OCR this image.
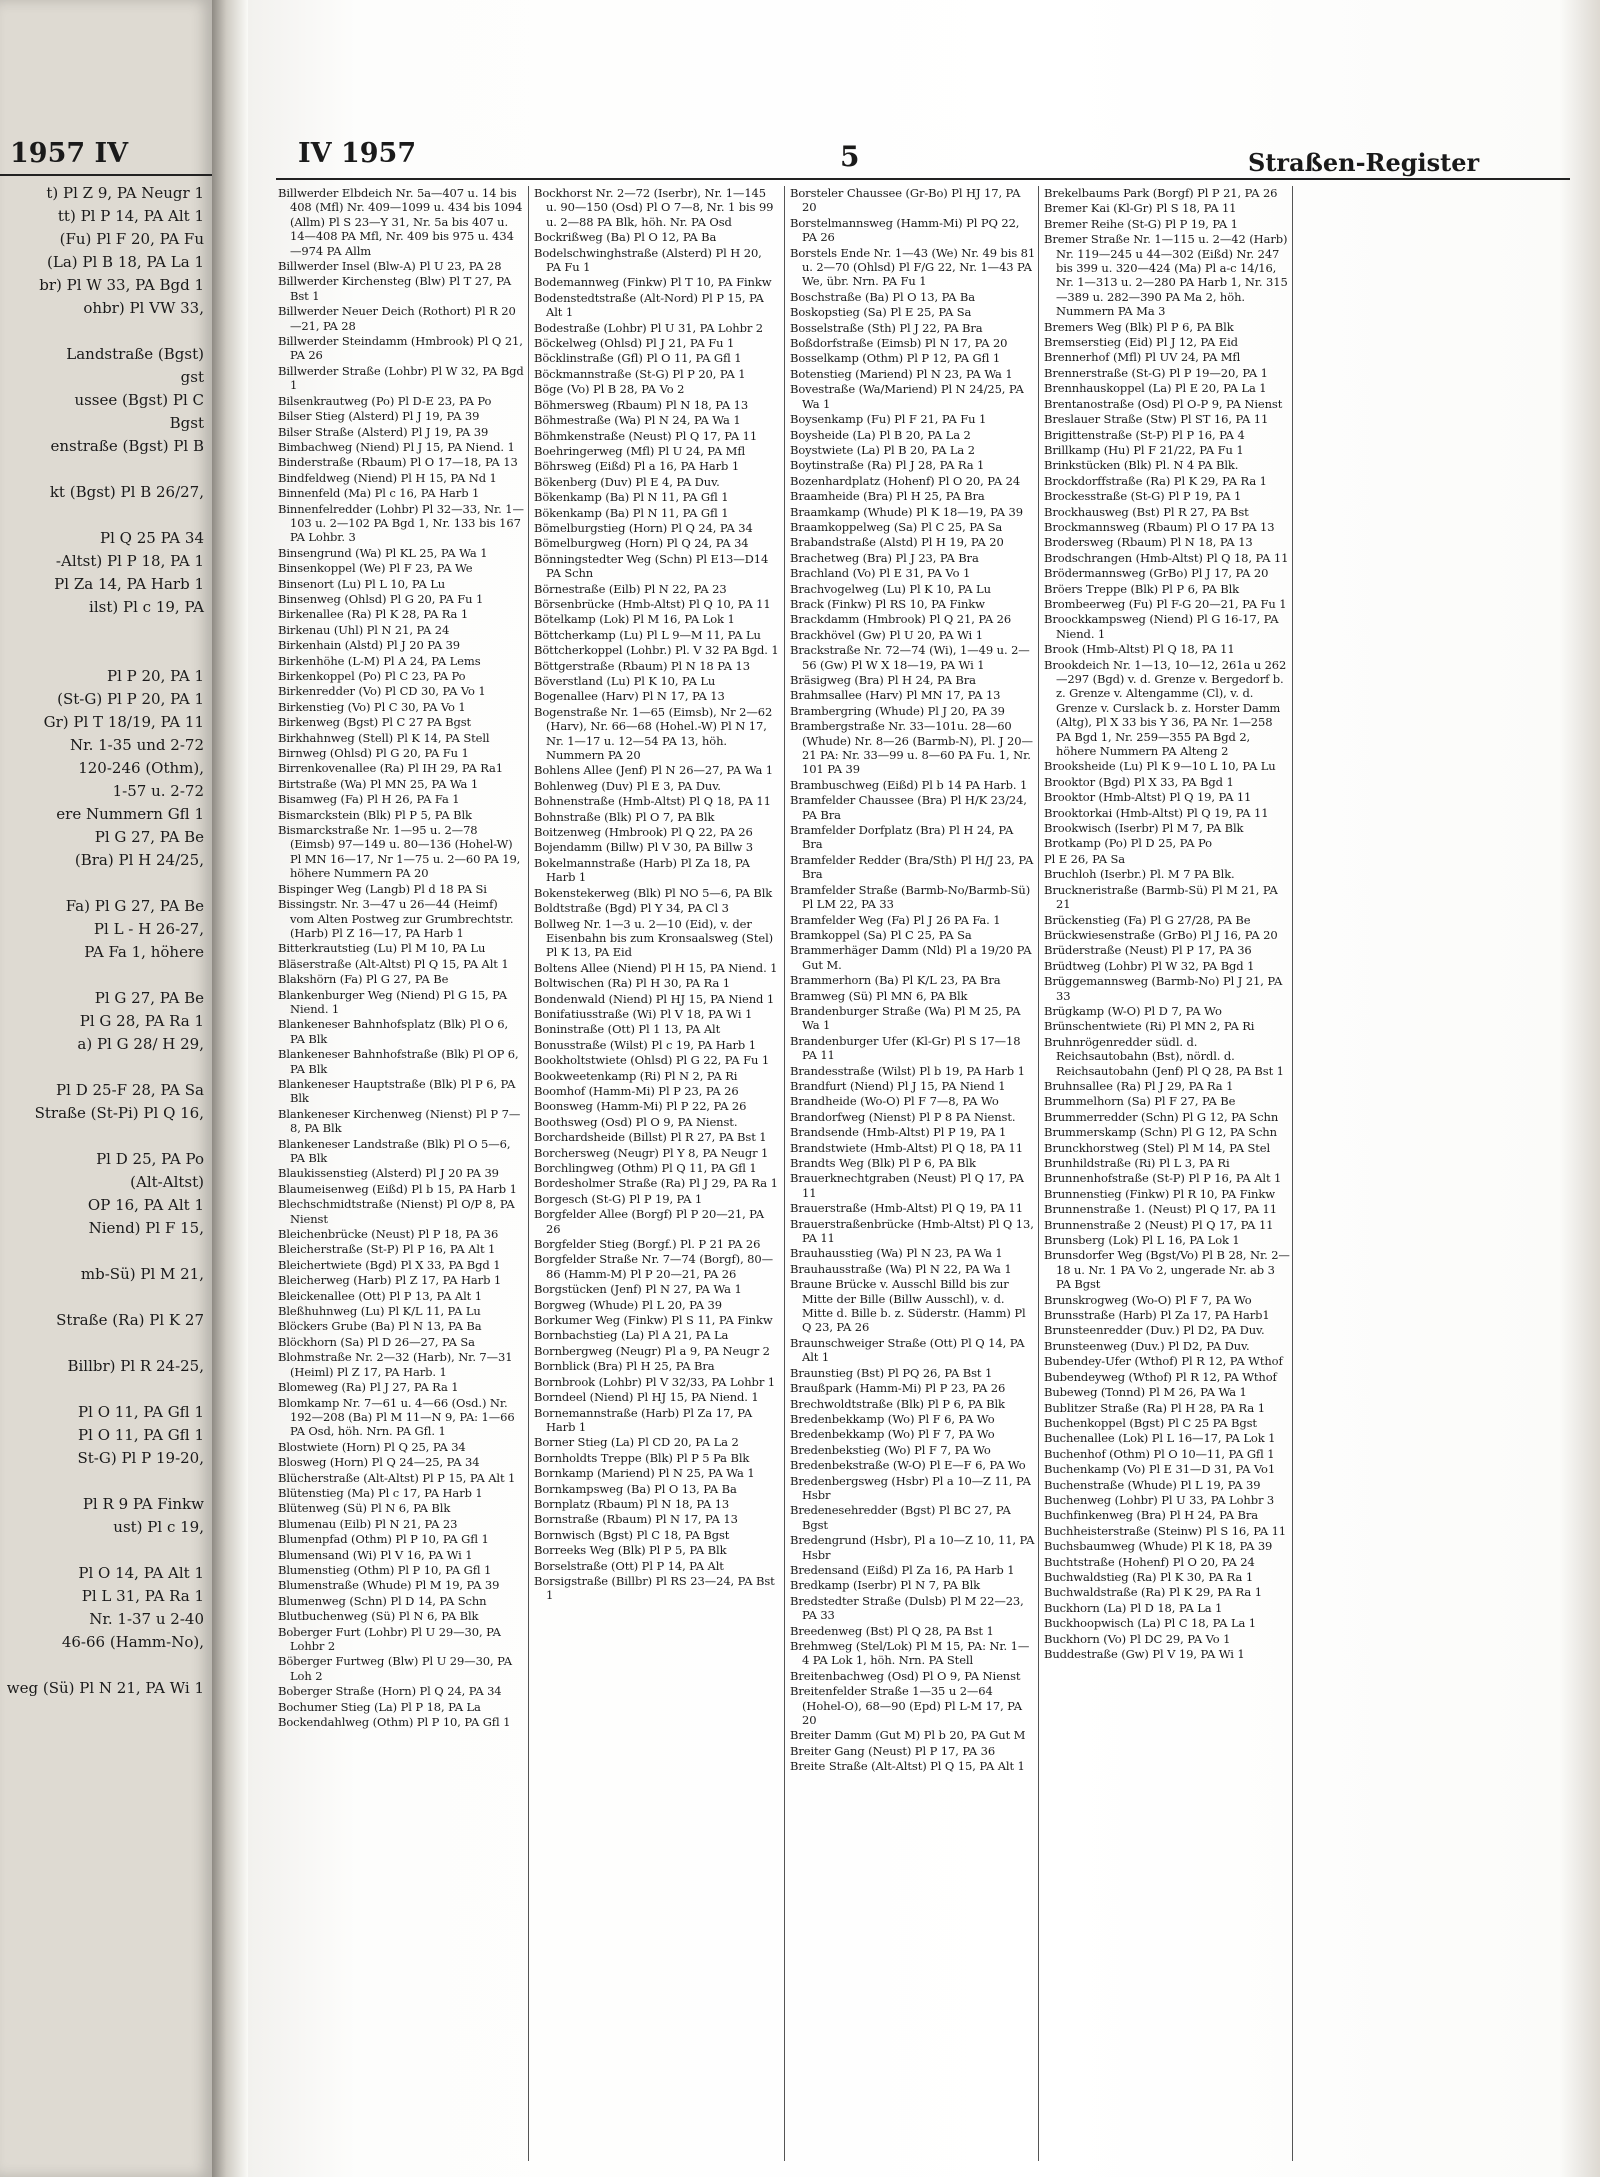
1957 IV
t) Pl Z 9, PA Neugr 1
tt) Pl P 14, PA Alt 1
(Fu) Pl F 20, PA Fu
(La) Pl B 18, PA La 1
br) Pl W 33, PA Bgd 1
ohbr) Pl VW 33,
Landstraße (Bgst)
gst
ussee (Bgst) Pl C
Bgst
enstraße (Bgst) Pl B
kt (Bgst) Pl B 26/27,
Pl Q 25 PA 34
-Altst) Pl P 18, PA 1
Pl Za 14, PA Harb 1
ilst) Pl c 19, PA
Pl P 20, PA 1
(St-G) Pl P 20, PA 1
Gr) Pl T 18/19, PA 11
Nr. 1-35 und 2-72
120-246 (Othm),
1-57 u. 2-72
ere Nummern Gfl 1
Pl G 27, PA Be
(Bra) Pl H 24/25,
Fa) Pl G 27, PA Be
Pl L - H 26-27,
PA Fa 1, höhere
Pl G 27, PA Be
Pl G 28, PA Ra 1
a) Pl G 28/ H 29,
Pl D 25-F 28, PA Sa
Straße (St-Pi) Pl Q 16,
Pl D 25, PA Po
(Alt-Altst)
OP 16, PA Alt 1
Niend) Pl F 15,
mb-Sü) Pl M 21,
Straße (Ra) Pl K 27
Billbr) Pl R 24-25,
Pl O 11, PA Gfl 1
Pl O 11, PA Gfl 1
St-G) Pl P 19-20,
Pl R 9 PA Finkw
ust) Pl c 19,
Pl O 14, PA Alt 1
Pl L 31, PA Ra 1
Nr. 1-37 u 2-40
46-66 (Hamm-No),
weg (Sü) Pl N 21, PA Wi 1
IV 1957	5	Straßen-Register
Billwerder Elbdeich Nr. 5a—407 u. 14 bis 408 (Mfl) Nr. 409—1099 u. 434 bis 1094 (Allm) Pl S 23—Y 31, Nr. 5a bis 407 u. 14—408 PA Mfl, Nr. 409 bis 975 u. 434—974 PA Allm
Billwerder Insel (Blw-A) Pl U 23, PA 28
Billwerder Kirchensteg (Blw) Pl T 27, PA Bst 1
Billwerder Neuer Deich (Rothort) Pl R 20—21, PA 28
Billwerder Steindamm (Hmbrook) Pl Q 21, PA 26
Billwerder Straße (Lohbr) Pl W 32, PA Bgd 1
Bilsenkrautweg (Po) Pl D-E 23, PA Po
Bilser Stieg (Alsterd) Pl J 19, PA 39
Bilser Straße (Alsterd) Pl J 19, PA 39
Bimbachweg (Niend) Pl J 15, PA Niend. 1
Binderstraße (Rbaum) Pl O 17—18, PA 13
Bindfeldweg (Niend) Pl H 15, PA Nd 1
Binnenfeld (Ma) Pl c 16, PA Harb 1
Binnenfelredder (Lohbr) Pl 32—33, Nr. 1—103 u. 2—102 PA Bgd 1, Nr. 133 bis 167 PA Lohbr. 3
Binsengrund (Wa) Pl KL 25, PA Wa 1
Binsenkoppel (We) Pl F 23, PA We
Binsenort (Lu) Pl L 10, PA Lu
Binsenweg (Ohlsd) Pl G 20, PA Fu 1
Birkenallee (Ra) Pl K 28, PA Ra 1
Birkenau (Uhl) Pl N 21, PA 24
Birkenhain (Alstd) Pl J 20 PA 39
Birkenhöhe (L-M) Pl A 24, PA Lems
Birkenkoppel (Po) Pl C 23, PA Po
Birkenredder (Vo) Pl CD 30, PA Vo 1
Birkenstieg (Vo) Pl C 30, PA Vo 1
Birkenweg (Bgst) Pl C 27 PA Bgst
Birkhahnweg (Stell) Pl K 14, PA Stell
Birnweg (Ohlsd) Pl G 20, PA Fu 1
Birrenkovenallee (Ra) Pl IH 29, PA Ra1
Birtstraße (Wa) Pl MN 25, PA Wa 1
Bisamweg (Fa) Pl H 26, PA Fa 1
Bismarckstein (Blk) Pl P 5, PA Blk
Bismarckstraße Nr. 1—95 u. 2—78 (Eimsb) 97—149 u. 80—136 (Hohel-W) Pl MN 16—17, Nr 1—75 u. 2—60 PA 19, höhere Nummern PA 20
Bispinger Weg (Langb) Pl d 18 PA Si
Bissingstr. Nr. 3—47 u 26—44 (Heimf) vom Alten Postweg zur Grumbrechtstr. (Harb) Pl Z 16—17, PA Harb 1
Bitterkrautstieg (Lu) Pl M 10, PA Lu
Bläserstraße (Alt-Altst) Pl Q 15, PA Alt 1
Blakshörn (Fa) Pl G 27, PA Be
Blankenburger Weg (Niend) Pl G 15, PA Niend. 1
Blankeneser Bahnhofsplatz (Blk) Pl O 6, PA Blk
Blankeneser Bahnhofstraße (Blk) Pl OP 6, PA Blk
Blankeneser Hauptstraße (Blk) Pl P 6, PA Blk
Blankeneser Kirchenweg (Nienst) Pl P 7—8, PA Blk
Blankeneser Landstraße (Blk) Pl O 5—6, PA Blk
Blaukissenstieg (Alsterd) Pl J 20 PA 39
Blaumeisenweg (Eißd) Pl b 15, PA Harb 1
Blechschmidtstraße (Nienst) Pl O/P 8, PA Nienst
Bleichenbrücke (Neust) Pl P 18, PA 36
Bleicherstraße (St-P) Pl P 16, PA Alt 1
Bleichertwiete (Bgd) Pl X 33, PA Bgd 1
Bleicherweg (Harb) Pl Z 17, PA Harb 1
Bleickenallee (Ott) Pl P 13, PA Alt 1
Bleßhuhnweg (Lu) Pl K/L 11, PA Lu
Blöckers Grube (Ba) Pl N 13, PA Ba
Blöckhorn (Sa) Pl D 26—27, PA Sa
Blohmstraße Nr. 2—32 (Harb), Nr. 7—31 (Heiml) Pl Z 17, PA Harb. 1
Blomeweg (Ra) Pl J 27, PA Ra 1
Blomkamp Nr. 7—61 u. 4—66 (Osd.) Nr. 192—208 (Ba) Pl M 11—N 9, PA: 1—66 PA Osd, höh. Nrn. PA Gfl. 1
Blostwiete (Horn) Pl Q 25, PA 34
Blosweg (Horn) Pl Q 24—25, PA 34
Blücherstraße (Alt-Altst) Pl P 15, PA Alt 1
Blütenstieg (Ma) Pl c 17, PA Harb 1
Blütenweg (Sü) Pl N 6, PA Blk
Blumenau (Eilb) Pl N 21, PA 23
Blumenpfad (Othm) Pl P 10, PA Gfl 1
Blumensand (Wi) Pl V 16, PA Wi 1
Blumenstieg (Othm) Pl P 10, PA Gfl 1
Blumenstraße (Whude) Pl M 19, PA 39
Blumenweg (Schn) Pl D 14, PA Schn
Blutbuchenweg (Sü) Pl N 6, PA Blk
Boberger Furt (Lohbr) Pl U 29—30, PA Lohbr 2
Böberger Furtweg (Blw) Pl U 29—30, PA Loh 2
Boberger Straße (Horn) Pl Q 24, PA 34
Bochumer Stieg (La) Pl P 18, PA La
Bockendahlweg (Othm) Pl P 10, PA Gfl 1
Bockhorst Nr. 2—72 (Iserbr), Nr. 1—145 u. 90—150 (Osd) Pl O 7—8, Nr. 1 bis 99 u. 2—88 PA Blk, höh. Nr. PA Osd
Bockrißweg (Ba) Pl O 12, PA Ba
Bodelschwinghstraße (Alsterd) Pl H 20, PA Fu 1
Bodemannweg (Finkw) Pl T 10, PA Finkw
Bodenstedtstraße (Alt-Nord) Pl P 15, PA Alt 1
Bodestraße (Lohbr) Pl U 31, PA Lohbr 2
Böckelweg (Ohlsd) Pl J 21, PA Fu 1
Böcklinstraße (Gfl) Pl O 11, PA Gfl 1
Böckmannstraße (St-G) Pl P 20, PA 1
Böge (Vo) Pl B 28, PA Vo 2
Böhmersweg (Rbaum) Pl N 18, PA 13
Böhmestraße (Wa) Pl N 24, PA Wa 1
Böhmkenstraße (Neust) Pl Q 17, PA 11
Boehringerweg (Mfl) Pl U 24, PA Mfl
Böhrsweg (Eißd) Pl a 16, PA Harb 1
Bökenberg (Duv) Pl E 4, PA Duv.
Bökenkamp (Ba) Pl N 11, PA Gfl 1
Bökenkamp (Ba) Pl N 11, PA Gfl 1
Bömelburgstieg (Horn) Pl Q 24, PA 34
Bömelburgweg (Horn) Pl Q 24, PA 34
Bönningstedter Weg (Schn) Pl E13—D14 PA Schn
Börnestraße (Eilb) Pl N 22, PA 23
Börsenbrücke (Hmb-Altst) Pl Q 10, PA 11
Bötelkamp (Lok) Pl M 16, PA Lok 1
Böttcherkamp (Lu) Pl L 9—M 11, PA Lu
Böttcherkoppel (Lohbr.) Pl. V 32 PA Bgd. 1
Böttgerstraße (Rbaum) Pl N 18 PA 13
Böverstland (Lu) Pl K 10, PA Lu
Bogenallee (Harv) Pl N 17, PA 13
Bogenstraße Nr. 1—65 (Eimsb), Nr 2—62 (Harv), Nr. 66—68 (Hohel.-W) Pl N 17, Nr. 1—17 u. 12—54 PA 13, höh. Nummern PA 20
Bohlens Allee (Jenf) Pl N 26—27, PA Wa 1
Bohlenweg (Duv) Pl E 3, PA Duv.
Bohnenstraße (Hmb-Altst) Pl Q 18, PA 11
Bohnstraße (Blk) Pl O 7, PA Blk
Boitzenweg (Hmbrook) Pl Q 22, PA 26
Bojendamm (Billw) Pl V 30, PA Billw 3
Bokelmannstraße (Harb) Pl Za 18, PA Harb 1
Bokenstekerweg (Blk) Pl NO 5—6, PA Blk
Boldtstraße (Bgd) Pl Y 34, PA Cl 3
Bollweg Nr. 1—3 u. 2—10 (Eid), v. der Eisenbahn bis zum Kronsaalsweg (Stel) Pl K 13, PA Eid
Boltens Allee (Niend) Pl H 15, PA Niend. 1
Boltwischen (Ra) Pl H 30, PA Ra 1
Bondenwald (Niend) Pl HJ 15, PA Niend 1
Bonifatiusstraße (Wi) Pl V 18, PA Wi 1
Boninstraße (Ott) Pl 1 13, PA Alt
Bonusstraße (Wilst) Pl c 19, PA Harb 1
Bookholtstwiete (Ohlsd) Pl G 22, PA Fu 1
Bookweetenkamp (Ri) Pl N 2, PA Ri
Boomhof (Hamm-Mi) Pl P 23, PA 26
Boonsweg (Hamm-Mi) Pl P 22, PA 26
Boothsweg (Osd) Pl O 9, PA Nienst.
Borchardsheide (Billst) Pl R 27, PA Bst 1
Borchersweg (Neugr) Pl Y 8, PA Neugr 1
Borchlingweg (Othm) Pl Q 11, PA Gfl 1
Bordesholmer Straße (Ra) Pl J 29, PA Ra 1
Borgesch (St-G) Pl P 19, PA 1
Borgfelder Allee (Borgf) Pl P 20—21, PA 26
Borgfelder Stieg (Borgf.) Pl. P 21 PA 26
Borgfelder Straße Nr. 7—74 (Borgf), 80—86 (Hamm-M) Pl P 20—21, PA 26
Borgstücken (Jenf) Pl N 27, PA Wa 1
Borgweg (Whude) Pl L 20, PA 39
Borkumer Weg (Finkw) Pl S 11, PA Finkw
Bornbachstieg (La) Pl A 21, PA La
Bornbergweg (Neugr) Pl a 9, PA Neugr 2
Bornblick (Bra) Pl H 25, PA Bra
Bornbrook (Lohbr) Pl V 32/33, PA Lohbr 1
Borndeel (Niend) Pl HJ 15, PA Niend. 1
Bornemannstraße (Harb) Pl Za 17, PA Harb 1
Borner Stieg (La) Pl CD 20, PA La 2
Bornholdts Treppe (Blk) Pl P 5 Pa Blk
Bornkamp (Mariend) Pl N 25, PA Wa 1
Bornkampsweg (Ba) Pl O 13, PA Ba
Bornplatz (Rbaum) Pl N 18, PA 13
Bornstraße (Rbaum) Pl N 17, PA 13
Bornwisch (Bgst) Pl C 18, PA Bgst
Borreeks Weg (Blk) Pl P 5, PA Blk
Borselstraße (Ott) Pl P 14, PA Alt
Borsigstraße (Billbr) Pl RS 23—24, PA Bst 1
Borsteler Chaussee (Gr-Bo) Pl HJ 17, PA 20
Borstelmannsweg (Hamm-Mi) Pl PQ 22, PA 26
Borstels Ende Nr. 1—43 (We) Nr. 49 bis 81 u. 2—70 (Ohlsd) Pl F/G 22, Nr. 1—43 PA We, übr. Nrn. PA Fu 1
Boschstraße (Ba) Pl O 13, PA Ba
Boskopstieg (Sa) Pl E 25, PA Sa
Bosselstraße (Sth) Pl J 22, PA Bra
Boßdorfstraße (Eimsb) Pl N 17, PA 20
Bosselkamp (Othm) Pl P 12, PA Gfl 1
Botenstieg (Mariend) Pl N 23, PA Wa 1
Bovestraße (Wa/Mariend) Pl N 24/25, PA Wa 1
Boysenkamp (Fu) Pl F 21, PA Fu 1
Boysheide (La) Pl B 20, PA La 2
Boystwiete (La) Pl B 20, PA La 2
Boytinstraße (Ra) Pl J 28, PA Ra 1
Bozenhardplatz (Hohenf) Pl O 20, PA 24
Braamheide (Bra) Pl H 25, PA Bra
Braamkamp (Whude) Pl K 18—19, PA 39
Braamkoppelweg (Sa) Pl C 25, PA Sa
Brabandstraße (Alstd) Pl H 19, PA 20
Brachetweg (Bra) Pl J 23, PA Bra
Brachland (Vo) Pl E 31, PA Vo 1
Brachvogelweg (Lu) Pl K 10, PA Lu
Brack (Finkw) Pl RS 10, PA Finkw
Brackdamm (Hmbrook) Pl Q 21, PA 26
Brackhövel (Gw) Pl U 20, PA Wi 1
Brackstraße Nr. 72—74 (Wi), 1—49 u. 2—56 (Gw) Pl W X 18—19, PA Wi 1
Bräsigweg (Bra) Pl H 24, PA Bra
Brahmsallee (Harv) Pl MN 17, PA 13
Brambergring (Whude) Pl J 20, PA 39
Brambergstraße Nr. 33—101u. 28—60 (Whude) Nr. 8—26 (Barmb-N), Pl. J 20—21 PA: Nr. 33—99 u. 8—60 PA Fu. 1, Nr. 101 PA 39
Brambuschweg (Eißd) Pl b 14 PA Harb. 1
Bramfelder Chaussee (Bra) Pl H/K 23/24, PA Bra
Bramfelder Dorfplatz (Bra) Pl H 24, PA Bra
Bramfelder Redder (Bra/Sth) Pl H/J 23, PA Bra
Bramfelder Straße (Barmb-No/Barmb-Sü) Pl LM 22, PA 33
Bramfelder Weg (Fa) Pl J 26 PA Fa. 1
Bramkoppel (Sa) Pl C 25, PA Sa
Brammerhäger Damm (Nld) Pl a 19/20 PA Gut M.
Brammerhorn (Ba) Pl K/L 23, PA Bra
Bramweg (Sü) Pl MN 6, PA Blk
Brandenburger Straße (Wa) Pl M 25, PA Wa 1
Brandenburger Ufer (Kl-Gr) Pl S 17—18 PA 11
Brandesstraße (Wilst) Pl b 19, PA Harb 1
Brandfurt (Niend) Pl J 15, PA Niend 1
Brandheide (Wo-O) Pl F 7—8, PA Wo
Brandorfweg (Nienst) Pl P 8 PA Nienst.
Brandsende (Hmb-Altst) Pl P 19, PA 1
Brandstwiete (Hmb-Altst) Pl Q 18, PA 11
Brandts Weg (Blk) Pl P 6, PA Blk
Brauerknechtgraben (Neust) Pl Q 17, PA 11
Brauerstraße (Hmb-Altst) Pl Q 19, PA 11
Brauerstraßenbrücke (Hmb-Altst) Pl Q 13, PA 11
Brauhausstieg (Wa) Pl N 23, PA Wa 1
Brauhausstraße (Wa) Pl N 22, PA Wa 1
Braune Brücke v. Ausschl Billd bis zur Mitte der Bille (Billw Ausschl), v. d. Mitte d. Bille b. z. Süderstr. (Hamm) Pl Q 23, PA 26
Braunschweiger Straße (Ott) Pl Q 14, PA Alt 1
Braunstieg (Bst) Pl PQ 26, PA Bst 1
Braußpark (Hamm-Mi) Pl P 23, PA 26
Brechwoldtstraße (Blk) Pl P 6, PA Blk
Bredenbekkamp (Wo) Pl F 6, PA Wo
Bredenbekkamp (Wo) Pl F 7, PA Wo
Bredenbekstieg (Wo) Pl F 7, PA Wo
Bredenbekstraße (W-O) Pl E—F 6, PA Wo
Bredenbergsweg (Hsbr) Pl a 10—Z 11, PA Hsbr
Bredenesehredder (Bgst) Pl BC 27, PA Bgst
Bredengrund (Hsbr), Pl a 10—Z 10, 11, PA Hsbr
Bredensand (Eißd) Pl Za 16, PA Harb 1
Bredkamp (Iserbr) Pl N 7, PA Blk
Bredstedter Straße (Dulsb) Pl M 22—23, PA 33
Breedenweg (Bst) Pl Q 28, PA Bst 1
Brehmweg (Stel/Lok) Pl M 15, PA: Nr. 1—4 PA Lok 1, höh. Nrn. PA Stell
Breitenbachweg (Osd) Pl O 9, PA Nienst
Breitenfelder Straße 1—35 u 2—64 (Hohel-O), 68—90 (Epd) Pl L-M 17, PA 20
Breiter Damm (Gut M) Pl b 20, PA Gut M
Breiter Gang (Neust) Pl P 17, PA 36
Breite Straße (Alt-Altst) Pl Q 15, PA Alt 1
Brekelbaums Park (Borgf) Pl P 21, PA 26
Bremer Kai (Kl-Gr) Pl S 18, PA 11
Bremer Reihe (St-G) Pl P 19, PA 1
Bremer Straße Nr. 1—115 u. 2—42 (Harb) Nr. 119—245 u 44—302 (Eißd) Nr. 247 bis 399 u. 320—424 (Ma) Pl a-c 14/16, Nr. 1—313 u. 2—280 PA Harb 1, Nr. 315—389 u. 282—390 PA Ma 2, höh. Nummern PA Ma 3
Bremers Weg (Blk) Pl P 6, PA Blk
Bremserstieg (Eid) Pl J 12, PA Eid
Brennerhof (Mfl) Pl UV 24, PA Mfl
Brennerstraße (St-G) Pl P 19—20, PA 1
Brennhauskoppel (La) Pl E 20, PA La 1
Brentanostraße (Osd) Pl O-P 9, PA Nienst
Breslauer Straße (Stw) Pl ST 16, PA 11
Brigittenstraße (St-P) Pl P 16, PA 4
Brillkamp (Hu) Pl F 21/22, PA Fu 1
Brinkstücken (Blk) Pl. N 4 PA Blk.
Brockdorffstraße (Ra) Pl K 29, PA Ra 1
Brockesstraße (St-G) Pl P 19, PA 1
Brockhausweg (Bst) Pl R 27, PA Bst
Brockmannsweg (Rbaum) Pl O 17 PA 13
Brodersweg (Rbaum) Pl N 18, PA 13
Brodschrangen (Hmb-Altst) Pl Q 18, PA 11
Brödermannsweg (GrBo) Pl J 17, PA 20
Bröers Treppe (Blk) Pl P 6, PA Blk
Brombeerweg (Fu) Pl F-G 20—21, PA Fu 1
Broockkampsweg (Niend) Pl G 16-17, PA Niend. 1
Brook (Hmb-Altst) Pl Q 18, PA 11
Brookdeich Nr. 1—13, 10—12, 261a u 262—297 (Bgd) v. d. Grenze v. Bergedorf b. z. Grenze v. Altengamme (Cl), v. d. Grenze v. Curslack b. z. Horster Damm (Altg), Pl X 33 bis Y 36, PA Nr. 1—258 PA Bgd 1, Nr. 259—355 PA Bgd 2, höhere Nummern PA Alteng 2
Brooksheide (Lu) Pl K 9—10 L 10, PA Lu
Brooktor (Bgd) Pl X 33, PA Bgd 1
Brooktor (Hmb-Altst) Pl Q 19, PA 11
Brooktorkai (Hmb-Altst) Pl Q 19, PA 11
Brookwisch (Iserbr) Pl M 7, PA Blk
Brotkamp (Po) Pl D 25, PA Po
Pl E 26, PA Sa
Bruchloh (Iserbr.) Pl. M 7 PA Blk.
Bruckneristraße (Barmb-Sü) Pl M 21, PA 21
Brückenstieg (Fa) Pl G 27/28, PA Be
Brückwiesenstraße (GrBo) Pl J 16, PA 20
Brüderstraße (Neust) Pl P 17, PA 36
Brüdtweg (Lohbr) Pl W 32, PA Bgd 1
Brüggemannsweg (Barmb-No) Pl J 21, PA 33
Brügkamp (W-O) Pl D 7, PA Wo
Brünschentwiete (Ri) Pl MN 2, PA Ri
Bruhnrögenredder südl. d. Reichsautobahn (Bst), nördl. d. Reichsautobahn (Jenf) Pl Q 28, PA Bst 1
Bruhnsallee (Ra) Pl J 29, PA Ra 1
Brummelhorn (Sa) Pl F 27, PA Be
Brummerredder (Schn) Pl G 12, PA Schn
Brummerskamp (Schn) Pl G 12, PA Schn
Brunckhorstweg (Stel) Pl M 14, PA Stel
Brunhildstraße (Ri) Pl L 3, PA Ri
Brunnenhofstraße (St-P) Pl P 16, PA Alt 1
Brunnenstieg (Finkw) Pl R 10, PA Finkw
Brunnenstraße 1. (Neust) Pl Q 17, PA 11
Brunnenstraße 2 (Neust) Pl Q 17, PA 11
Brunsberg (Lok) Pl L 16, PA Lok 1
Brunsdorfer Weg (Bgst/Vo) Pl B 28, Nr. 2—18 u. Nr. 1 PA Vo 2, ungerade Nr. ab 3 PA Bgst
Brunskrogweg (Wo-O) Pl F 7, PA Wo
Brunsstraße (Harb) Pl Za 17, PA Harb1
Brunsteenredder (Duv.) Pl D2, PA Duv.
Brunsteenweg (Duv.) Pl D2, PA Duv.
Bubendey-Ufer (Wthof) Pl R 12, PA Wthof
Bubendeyweg (Wthof) Pl R 12, PA Wthof
Bubeweg (Tonnd) Pl M 26, PA Wa 1
Bublitzer Straße (Ra) Pl H 28, PA Ra 1
Buchenkoppel (Bgst) Pl C 25 PA Bgst
Buchenallee (Lok) Pl L 16—17, PA Lok 1
Buchenhof (Othm) Pl O 10—11, PA Gfl 1
Buchenkamp (Vo) Pl E 31—D 31, PA Vo1
Buchenstraße (Whude) Pl L 19, PA 39
Buchenweg (Lohbr) Pl U 33, PA Lohbr 3
Buchfinkenweg (Bra) Pl H 24, PA Bra
Buchheisterstraße (Steinw) Pl S 16, PA 11
Buchsbaumweg (Whude) Pl K 18, PA 39
Buchtstraße (Hohenf) Pl O 20, PA 24
Buchwaldstieg (Ra) Pl K 30, PA Ra 1
Buchwaldstraße (Ra) Pl K 29, PA Ra 1
Buckhorn (La) Pl D 18, PA La 1
Buckhoopwisch (La) Pl C 18, PA La 1
Buckhorn (Vo) Pl DC 29, PA Vo 1
Buddestraße (Gw) Pl V 19, PA Wi 1
